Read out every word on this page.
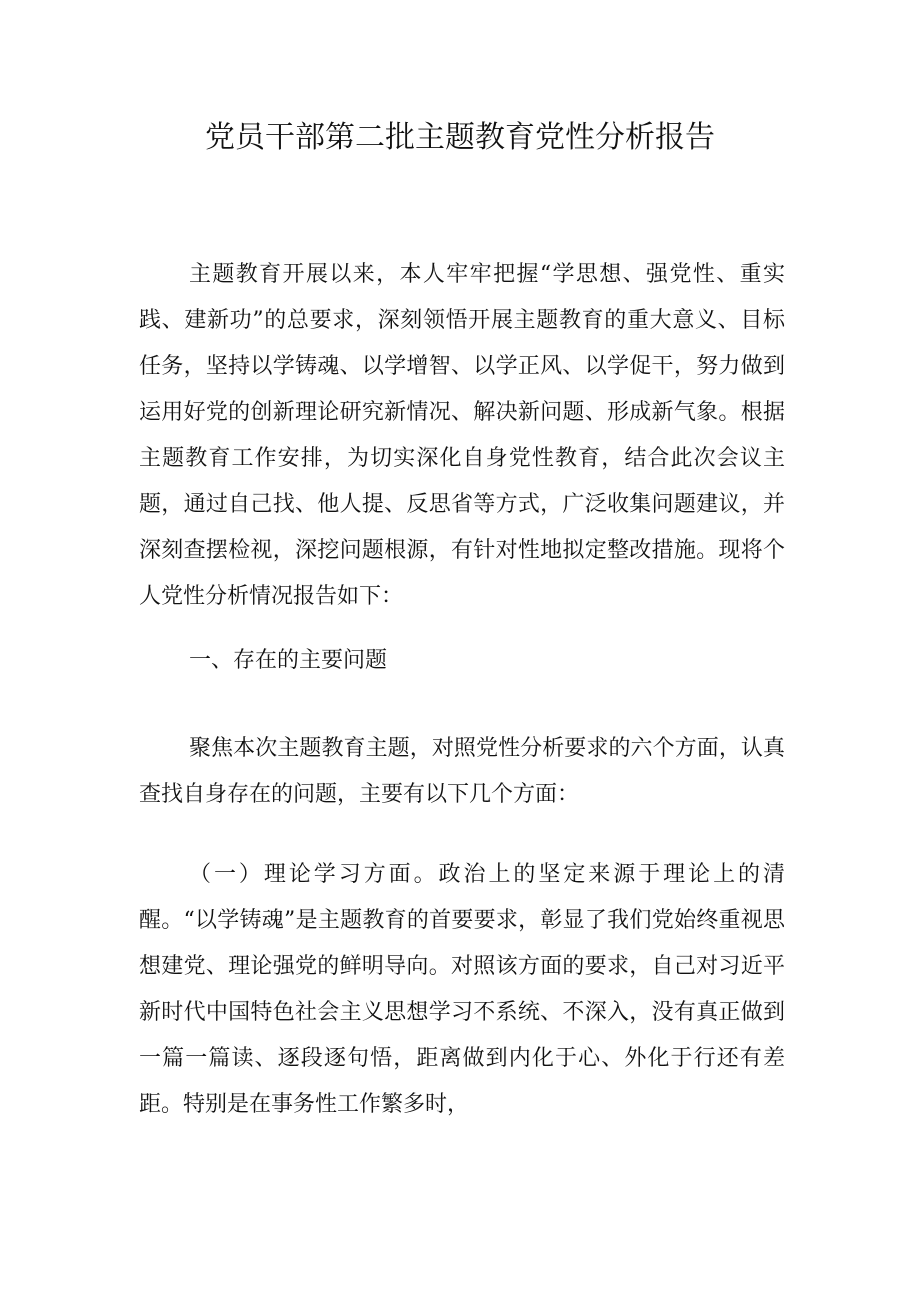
党员干部第二批主题教育党性分析报告

主题教育开展以来，本人牢牢把握“学思想、强党性、重实践、建新功”的总要求，深刻领悟开展主题教育的重大意义、目标任务，坚持以学铸魂、以学增智、以学正风、以学促干，努力做到运用好党的创新理论研究新情况、解决新问题、形成新气象。根据主题教育工作安排，为切实深化自身党性教育，结合此次会议主题，通过自己找、他人提、反思省等方式，广泛收集问题建议，并深刻查摆检视，深挖问题根源，有针对性地拟定整改措施。现将个人党性分析情况报告如下：

一、存在的主要问题

聚焦本次主题教育主题，对照党性分析要求的六个方面，认真查找自身存在的问题，主要有以下几个方面：

（一）理论学习方面。政治上的坚定来源于理论上的清醒。“以学铸魂”是主题教育的首要要求，彰显了我们党始终重视思想建党、理论强党的鲜明导向。对照该方面的要求，自己对习近平新时代中国特色社会主义思想学习不系统、不深入，没有真正做到一篇一篇读、逐段逐句悟，距离做到内化于心、外化于行还有差距。特别是在事务性工作繁多时，
